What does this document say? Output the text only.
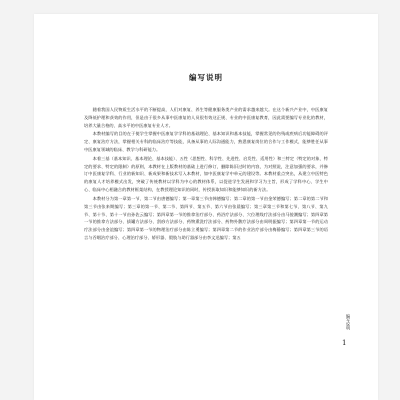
编写说明

随着我国人民物质生活水平的不断提高，人们对康复、养生等健康服务类产业的需求越来越大。在这个新兴产业中，中医康复及降低护理和获效的作用，但是由于很多从事中医康复的人员很有效这正规、专业的中医康复教育，因此需要编写专业化的教材，培养大量合格的、高水平的中医康复专业人才。

本教材编写的目的在于使学生掌握中医康复学学科的基础理论、基本知识和基本技能，掌握常见的伤残或疾病后功能障碍的评定、康复治疗方法，掌握相关专科的临床治疗等技能，具备从事的人际沟通能力，熟悉康复岗位的合作与工作模式，能够胜任从事中医康复领域的临床、教学与科研能力。

本着三基（基本知识、基本理论、基本技能）、五性（思想性、科学性、先进性、启发性、适用性）和三特定（特定的对象、特定的要求、特定的限制）的原则，本教材在上版教材的基础上进行修订，删除陈旧过时的内容，为对照说，注意加强的要求，并修订中医康复学科、行业的新知识、新成果和新技术写入本教材，如中医康复学中单元的建设等。本教材重点突出，从建立中医特色的康复人才培养模式出发，突破了传统教材以学科为中心的教材体系，以促进学生发展和学习为主旨，形成了学科中心、学生中心、临床中心相融合的教材框架结构，在教授理论知识的同时，传授获取知识和能够知识的新方法。

本教材分为第一章第一节、第二节由唐德编写；第一章第三节由韩德编写；第二章的第一节由金荣德编写；第二章的第二节和第三节由张来期编写；第三章的第一节、第二节、第四节、第五节、第六节由张晨编写；第三章第三节和第七节、第八节、第九节、第十节、第十一节由孙佐云编写；第四章第一节的推拿治疗部分、药浴疗法部分、穴位理线疗法部分由马骏潮编写；第四章第一节的推拿方法部分、拔罐方法部分、刮痧方法部分、药物熏洗疗法部分、药物外敷疗法部分由周明振编写；第四章第一节的运动疗法部分由金谊编写；第四章第一节的物理治疗部分由陈立勇编写；第四章第二节的作业治疗部分由梅静编写；第四章第三节的语言与吞咽治疗部分、心理治疗部分、矫形器、假肢与助行器部分由李文迅编写；第五

编写说明
1
